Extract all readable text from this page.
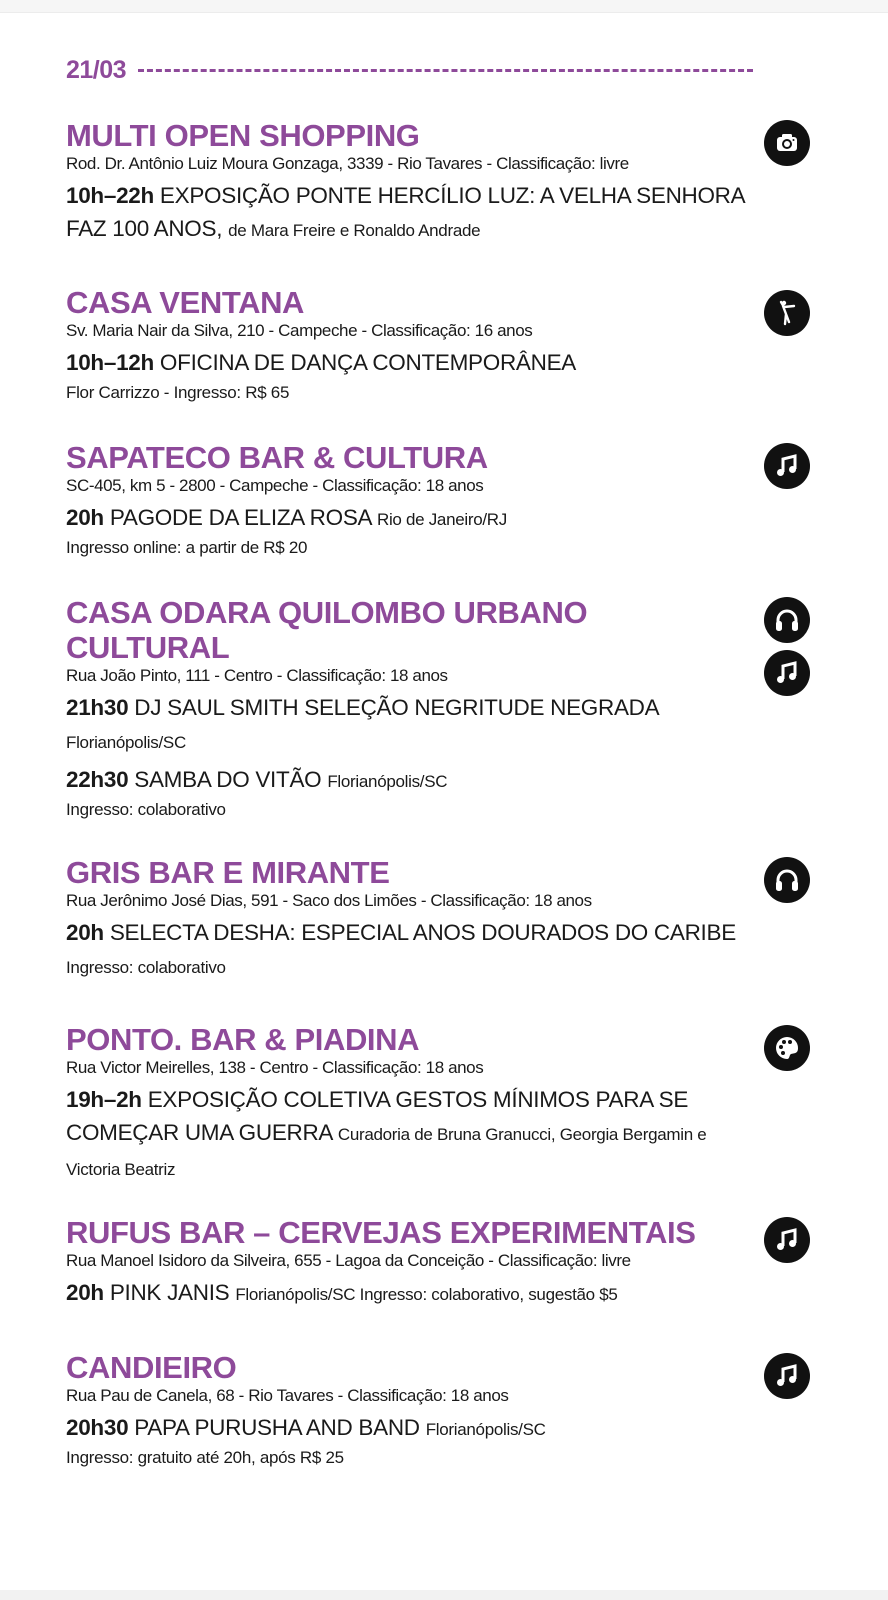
21/03
MULTI OPEN SHOPPING
Rod. Dr. Antônio Luiz Moura Gonzaga, 3339 - Rio Tavares - Classificação: livre
10h–22h EXPOSIÇÃO PONTE HERCÍLIO LUZ: A VELHA SENHORA FAZ 100 ANOS, de Mara Freire e Ronaldo Andrade
CASA VENTANA
Sv. Maria Nair da Silva, 210 - Campeche - Classificação: 16 anos
10h–12h OFICINA DE DANÇA CONTEMPORÂNEA
Flor Carrizzo - Ingresso: R$ 65
SAPATECO BAR & CULTURA
SC-405, km 5 - 2800 - Campeche - Classificação: 18 anos
20h PAGODE DA ELIZA ROSA Rio de Janeiro/RJ
Ingresso online: a partir de R$ 20
CASA ODARA QUILOMBO URBANO CULTURAL
Rua João Pinto, 111 - Centro - Classificação: 18 anos
21h30 DJ SAUL SMITH SELEÇÃO NEGRITUDE NEGRADA Florianópolis/SC
22h30 SAMBA DO VITÃO Florianópolis/SC
Ingresso: colaborativo
GRIS BAR E MIRANTE
Rua Jerônimo José Dias, 591 - Saco dos Limões - Classificação: 18 anos
20h SELECTA DESHA: ESPECIAL ANOS DOURADOS DO CARIBE Ingresso: colaborativo
PONTO. BAR & PIADINA
Rua Victor Meirelles, 138 - Centro - Classificação: 18 anos
19h–2h EXPOSIÇÃO COLETIVA GESTOS MÍNIMOS PARA SE COMEÇAR UMA GUERRA Curadoria de Bruna Granucci, Georgia Bergamin e Victoria Beatriz
RUFUS BAR – CERVEJAS EXPERIMENTAIS
Rua Manoel Isidoro da Silveira, 655 - Lagoa da Conceição - Classificação: livre
20h PINK JANIS Florianópolis/SC Ingresso: colaborativo, sugestão $5
CANDIEIRO
Rua Pau de Canela, 68 - Rio Tavares - Classificação: 18 anos
20h30 PAPA PURUSHA AND BAND Florianópolis/SC
Ingresso: gratuito até 20h, após R$ 25
